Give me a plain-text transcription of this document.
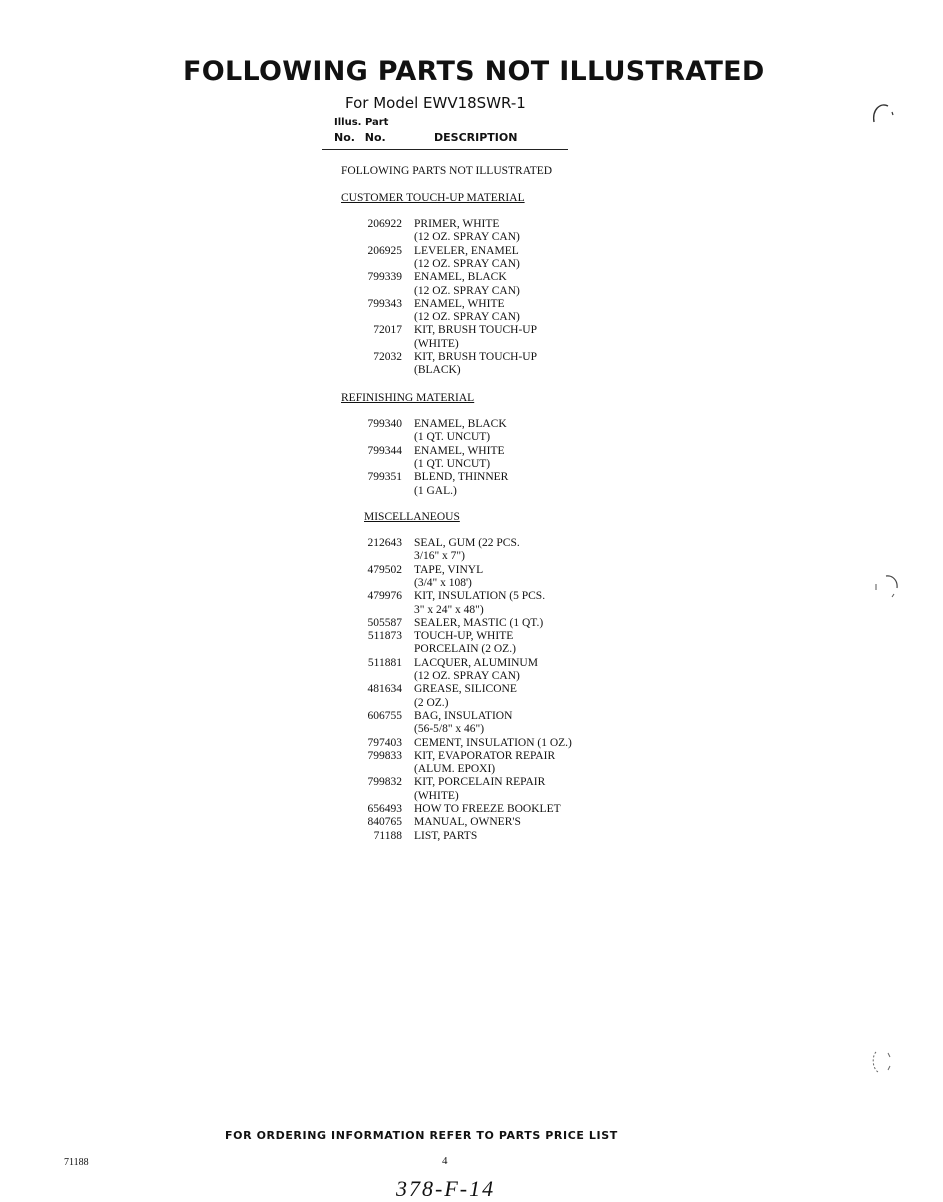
FOLLOWING PARTS NOT ILLUSTRATED
For Model EWV18SWR-1
Illus. Part
No. No.	DESCRIPTION
FOLLOWING PARTS NOT ILLUSTRATED
CUSTOMER TOUCH-UP MATERIAL
206922 PRIMER, WHITE
(12 OZ. SPRAY CAN)
206925 LEVELER, ENAMEL
(12 OZ. SPRAY CAN)
799339 ENAMEL, BLACK
(12 OZ. SPRAY CAN)
799343 ENAMEL, WHITE
(12 OZ. SPRAY CAN)
72017 KIT, BRUSH TOUCH-UP
(WHITE)
72032 KIT, BRUSH TOUCH-UP
(BLACK)
REFINISHING MATERIAL
799340 ENAMEL, BLACK
(1 QT. UNCUT)
799344 ENAMEL, WHITE
(1 QT. UNCUT)
799351 BLEND, THINNER
(1 GAL.)
MISCELLANEOUS
212643 SEAL, GUM (22 PCS.
3/16" x 7")
479502 TAPE, VINYL
(3/4" x 108')
479976 KIT, INSULATION (5 PCS.
3" x 24" x 48")
505587 SEALER, MASTIC (1 QT.)
511873 TOUCH-UP, WHITE
PORCELAIN (2 OZ.)
511881 LACQUER, ALUMINUM
(12 OZ. SPRAY CAN)
481634 GREASE, SILICONE
(2 OZ.)
606755 BAG, INSULATION
(56-5/8" x 46")
797403 CEMENT, INSULATION (1 OZ.)
799833 KIT, EVAPORATOR REPAIR
(ALUM. EPOXI)
799832 KIT, PORCELAIN REPAIR
(WHITE)
656493 HOW TO FREEZE BOOKLET
840765 MANUAL, OWNER'S
71188 LIST, PARTS
FOR ORDERING INFORMATION REFER TO PARTS PRICE LIST
71188	4
378-F-14
